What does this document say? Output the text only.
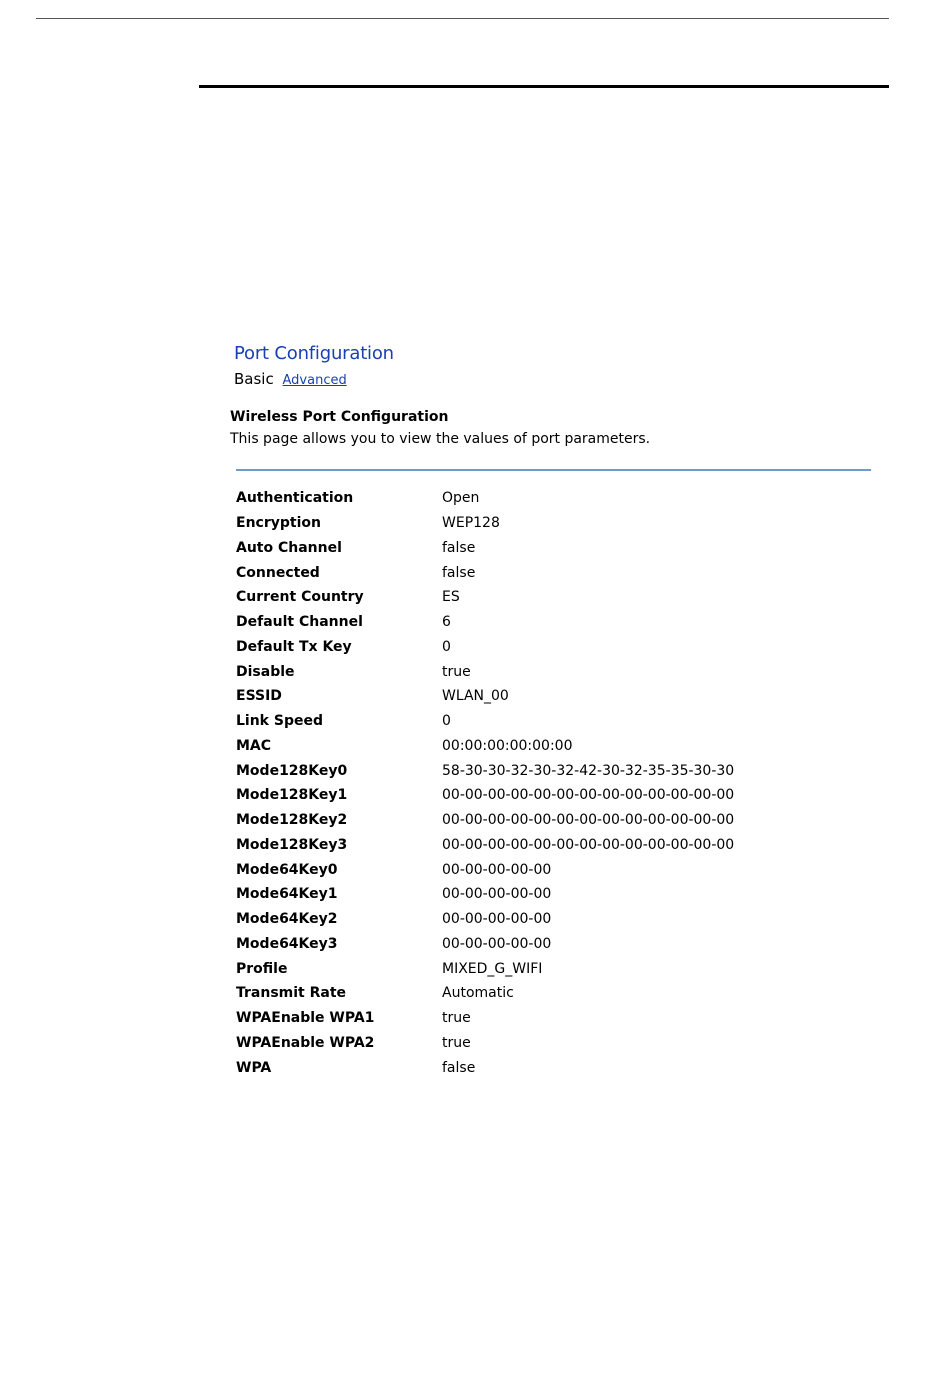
Port Configuration
Basic Advanced
Wireless Port Configuration
This page allows you to view the values of port parameters.
Authentication	Open
Encryption	WEP128
Auto Channel	false
Connected	false
Current Country	ES
Default Channel	6
Default Tx Key	0
Disable	true
ESSID	WLAN_00
Link Speed	0
MAC	00:00:00:00:00:00
Mode128Key0	58-30-30-32-30-32-42-30-32-35-35-30-30
Mode128Key1	00-00-00-00-00-00-00-00-00-00-00-00-00
Mode128Key2	00-00-00-00-00-00-00-00-00-00-00-00-00
Mode128Key3	00-00-00-00-00-00-00-00-00-00-00-00-00
Mode64Key0	00-00-00-00-00
Mode64Key1	00-00-00-00-00
Mode64Key2	00-00-00-00-00
Mode64Key3	00-00-00-00-00
Profile	MIXED_G_WIFI
Transmit Rate	Automatic
WPAEnable WPA1	true
WPAEnable WPA2	true
WPA	false
